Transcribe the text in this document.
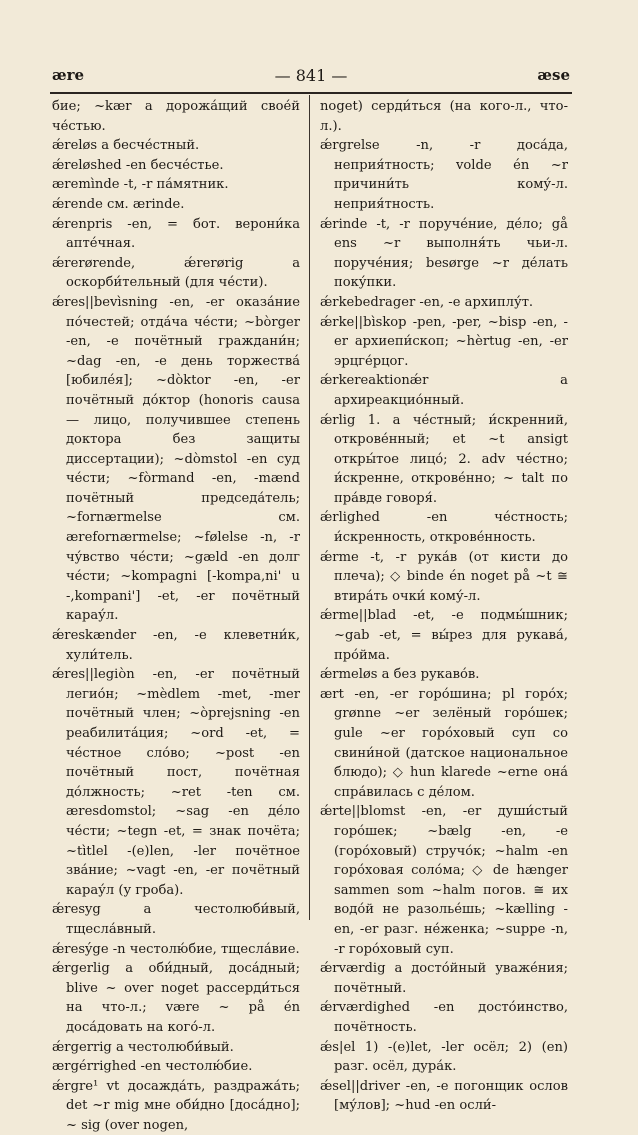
ære	— 841 —	æse

бие; ~kær a дорожа́щий свое́й че́стью.

ǽreløs a бесче́стный.

ǽreløshed -en бесче́стье.

æremìnde -t, -r па́мятник.

ǽrende см. ærinde.

ǽrenpris -en, = бот. верони́ка апте́чная.

ǽrerørende, ǽrerørig a оскорби́тельный (для че́сти).

ǽres||bevìsning -en, -er оказа́ние по́честей; отда́ча че́сти; ~bòrger -en, -e почётный граждани́н; ~dag -en, -e день торжества́ [юбиле́я]; ~dòktor -en, -er почётный до́ктор (honoris causa — лицо, получившее степень доктора без защиты диссертации); ~dòmstol -en суд че́сти; ~fòrmand -en, -mænd почётный председа́тель; ~fornærmelse см. ærefornærmelse; ~følelse -n, -r чу́вство че́сти; ~gæld -en долг че́сти; ~kompagni [-kompa,ni' u -,kompani'] -et, -er почётный карау́л.

ǽreskænder -en, -e клеветни́к, хули́тель.

ǽres||legiòn -en, -er почётный легио́н; ~mèdlem -met, -mer почётный член; ~òprejsning -en реабилита́ция; ~ord -et, = че́стное сло́во; ~post -en почётный пост, почётная до́лжность; ~ret -ten см. æresdomstol; ~sag -en де́ло че́сти; ~tegn -et, = знак почёта; ~tìtlel -(e)len, -ler почётное зва́ние; ~vagt -en, -er почётный карау́л (у гроба).

ǽresyg a честолюби́вый, тщесла́вный.

ǽresýge -n честолю́бие, тщесла́вие.

ǽrgerlig a оби́дный, доса́дный; blive ~ over noget рассерди́ться на что-л.; være ~ på én доса́довать на кого́-л.

ǽrgerrig a честолюби́вый.

ærgérrighed -en честолю́бие.

ǽrgre¹ vt досажда́ть, раздража́ть; det ~r mig мне оби́дно [доса́дно]; ~ sig (over nogen,

noget) серди́ться (на кого-л., что-л.).

ǽrgrelse -n, -r доса́да, неприя́тность; volde én ~r причини́ть кому́-л. неприя́тность.

ǽrinde -t, -r поруче́ние, де́ло; gå ens ~r выполня́ть чьи-л. поруче́ния; besørge ~r де́лать поку́пки.

ǽrkebedrager -en, -e архиплу́т.

ǽrke||bìskop -pen, -per, ~bisp -en, -er архиепи́скоп; ~hèrtug -en, -er эрцге́рцог.

ǽrkereaktionǽr a архиреакцио́нный.

ǽrlig 1. a че́стный; и́скренний, открове́нный; et ~t ansigt откры́тое лицо́; 2. adv че́стно; и́скренне, открове́нно; ~ talt по пра́вде говоря́.

ǽrlighed -en че́стность; и́скренность, открове́нность.

ǽrme -t, -r рука́в (от кисти до плеча); ◇ binde én noget på ~t ≅ втира́ть очки́ кому́-л.

ǽrme||blad -et, -e подмы́шник; ~gab -et, = вы́рез для рукава́, про́йма.

ǽrmeløs a без рукаво́в.

ært -en, -er горо́шина; pl горо́х; grønne ~er зелёный горо́шек; gule ~er горо́ховый суп со свини́ной (датское национальное блюдо); ◇ hun klarede ~erne она́ спра́вилась с де́лом.

ǽrte||blomst -en, -er души́стый горо́шек; ~bælg -en, -e (горо́ховый) стручо́к; ~halm -en горо́ховая соло́ма; ◇ de hænger sammen som ~halm погов. ≅ их водо́й не разолье́шь; ~kælling -en, -er разг. не́женка; ~suppe -n, -r горо́ховый суп.

ǽrværdig a досто́йный уваже́ния; почётный.

ǽrværdighed -en досто́инство, почётность.

ǽs|el 1) -(e)let, -ler осёл; 2) (en) разг. осёл, дура́к.

ǽsel||driver -en, -e погонщик ослов [му́лов]; ~hud -en осли́-
